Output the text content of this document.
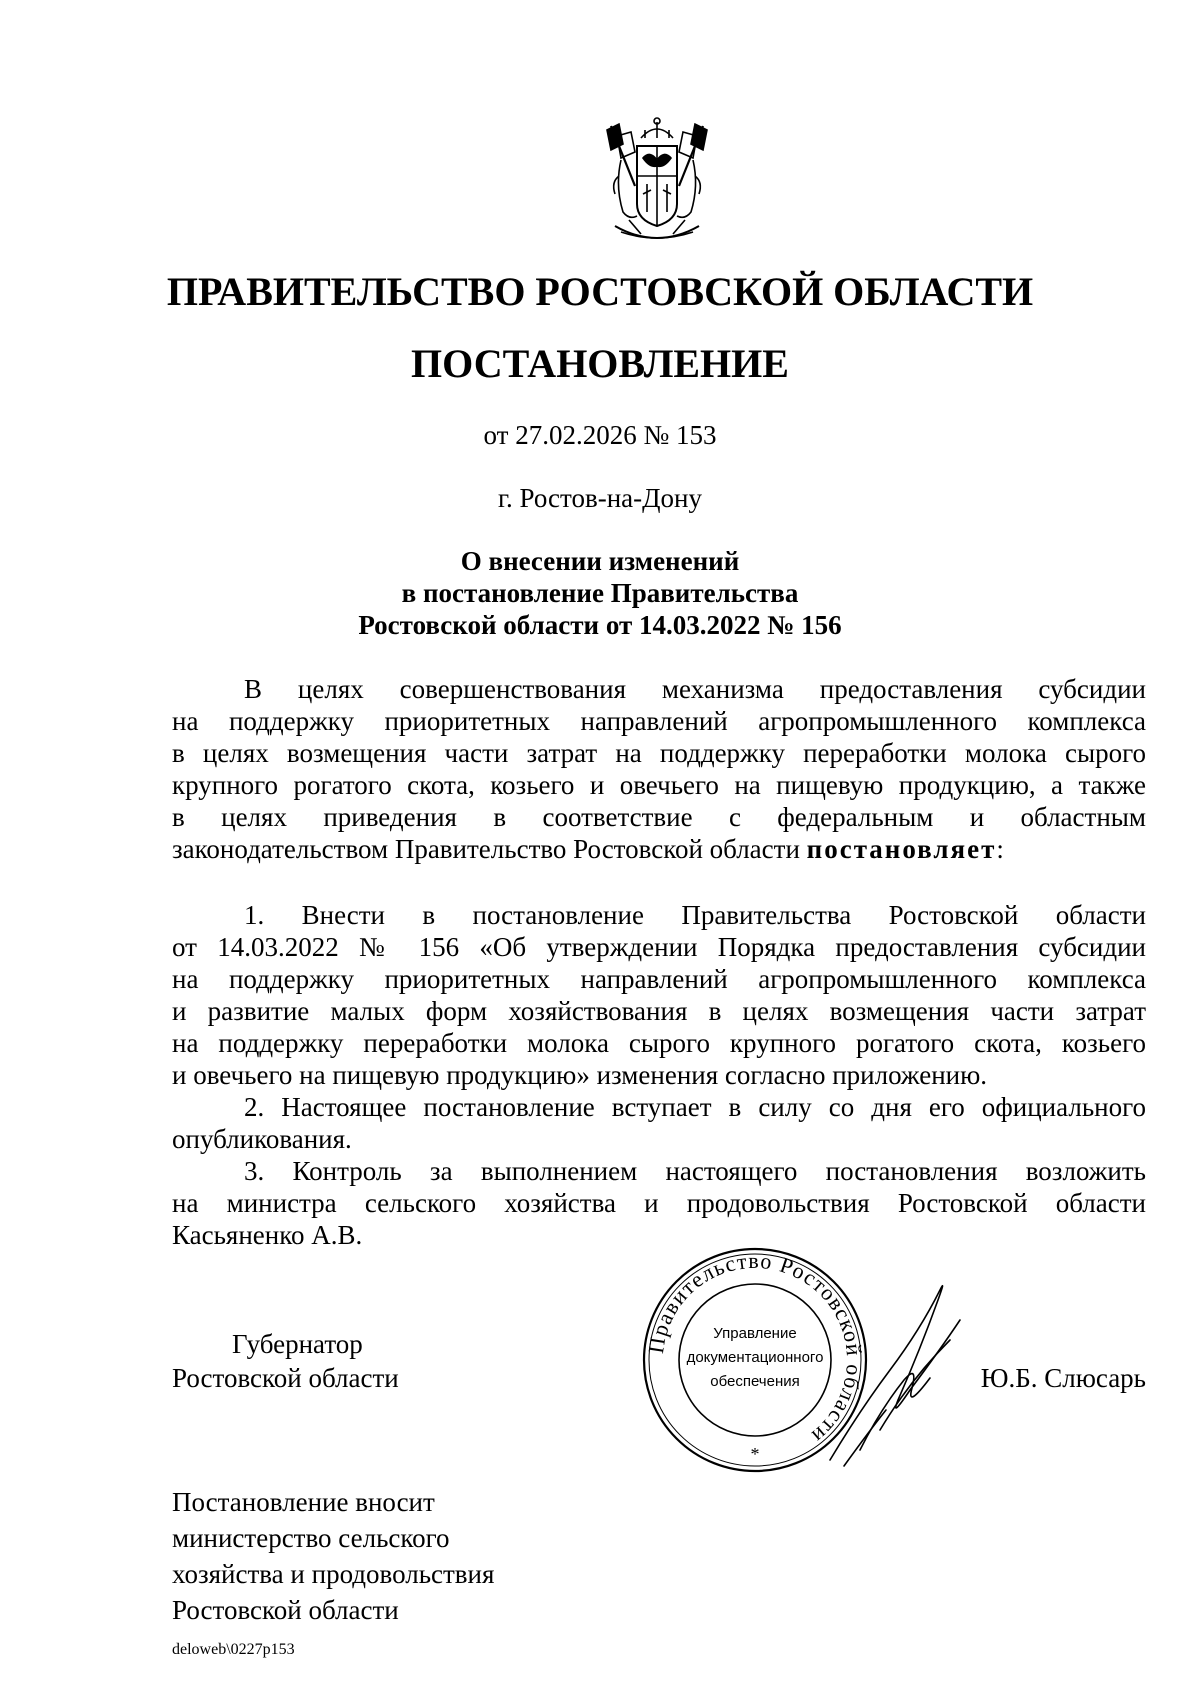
ПРАВИТЕЛЬСТВО РОСТОВСКОЙ ОБЛАСТИ
ПОСТАНОВЛЕНИЕ
от 27.02.2026 № 153
г. Ростов-на-Дону
О внесении изменений
в постановление Правительства
Ростовской области от 14.03.2022 № 156
В целях совершенствования механизма предоставления субсидии
на поддержку приоритетных направлений агропромышленного комплекса
в целях возмещения части затрат на поддержку переработки молока сырого
крупного рогатого скота, козьего и овечьего на пищевую продукцию, а также
в целях приведения в соответствие с федеральным и областным
законодательством Правительство Ростовской области постановляет:
1. Внести в постановление Правительства Ростовской области
от 14.03.2022 № 156 «Об утверждении Порядка предоставления субсидии
на поддержку приоритетных направлений агропромышленного комплекса
и развитие малых форм хозяйствования в целях возмещения части затрат
на поддержку переработки молока сырого крупного рогатого скота, козьего
и овечьего на пищевую продукцию» изменения согласно приложению.
2. Настоящее постановление вступает в силу со дня его официального
опубликования.
3. Контроль за выполнением настоящего постановления возложить
на министра сельского хозяйства и продовольствия Ростовской области
Касьяненко А.В.
Правительство Ростовской области
Управление
документационного
обеспечения
*
Губернатор
Ростовской области	Ю.Б. Слюсарь
Постановление вносит
министерство сельского
хозяйства и продовольствия
Ростовской области
deloweb\0227p153
